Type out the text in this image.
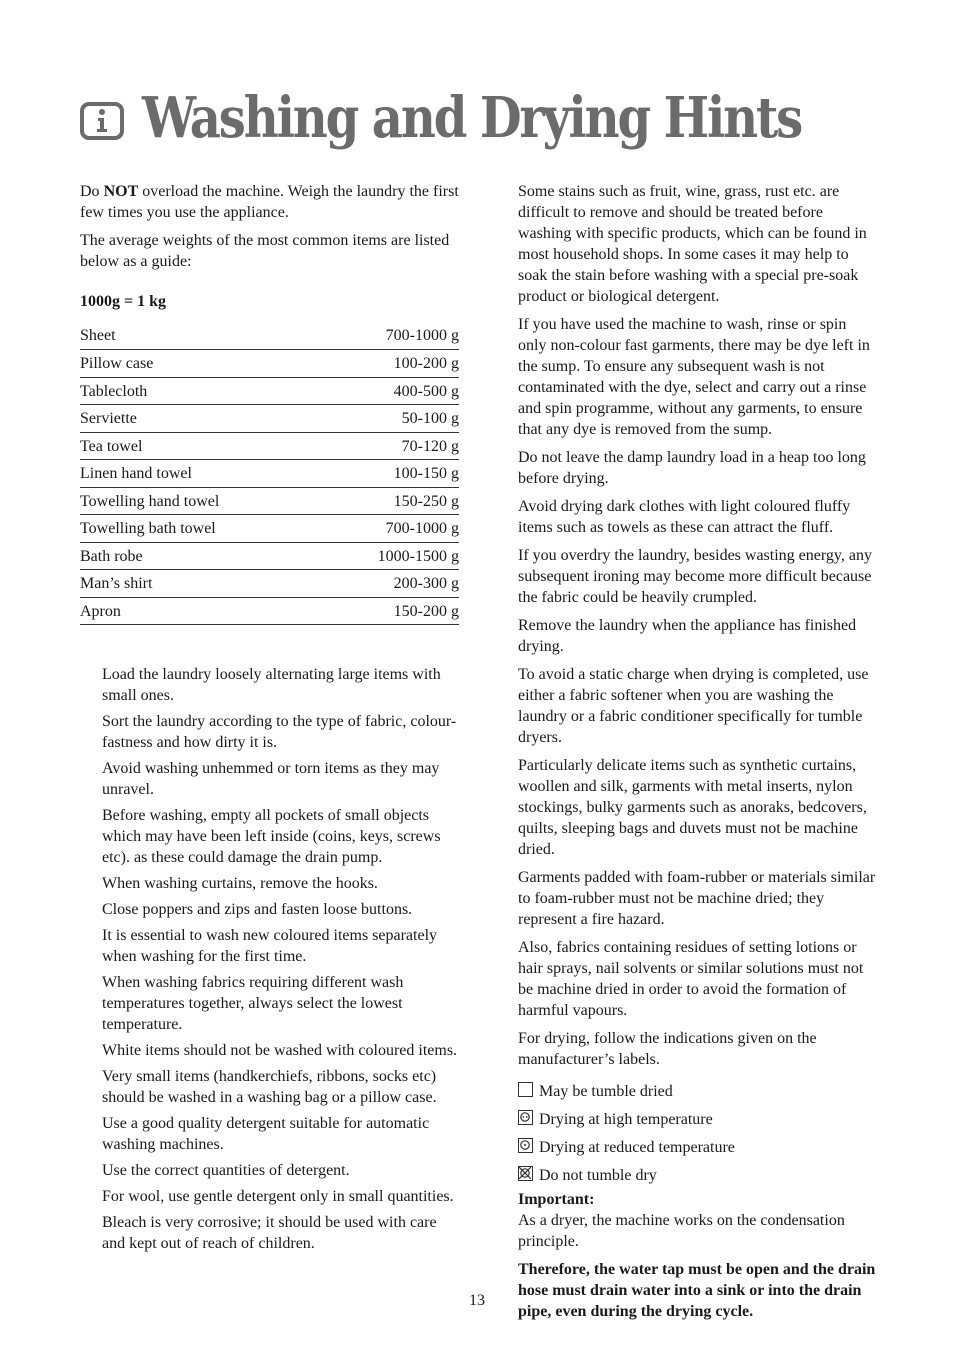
Washing and Drying Hints

Do NOT overload the machine. Weigh the laundry the first few times you use the appliance.

The average weights of the most common items are listed below as a guide:

1000g = 1 kg
Sheet	700-1000 g
Pillow case	100-200 g
Tablecloth	400-500 g
Serviette	50-100 g
Tea towel	70-120 g
Linen hand towel	100-150 g
Towelling hand towel	150-250 g
Towelling bath towel	700-1000 g
Bath robe	1000-1500 g
Man’s shirt	200-300 g
Apron	150-200 g

Load the laundry loosely alternating large items with small ones.

Sort the laundry according to the type of fabric, colour-fastness and how dirty it is.

Avoid washing unhemmed or torn items as they may unravel.

Before washing, empty all pockets of small objects which may have been left inside (coins, keys, screws etc). as these could damage the drain pump.

When washing curtains, remove the hooks.

Close poppers and zips and fasten loose buttons.

It is essential to wash new coloured items separately when washing for the first time.

When washing fabrics requiring different wash temperatures together, always select the lowest temperature.

White items should not be washed with coloured items.

Very small items (handkerchiefs, ribbons, socks etc) should be washed in a washing bag or a pillow case.

Use a good quality detergent suitable for automatic washing machines.

Use the correct quantities of detergent.

For wool, use gentle detergent only in small quantities.

Bleach is very corrosive; it should be used with care and kept out of reach of children.

Some stains such as fruit, wine, grass, rust etc. are difficult to remove and should be treated before washing with specific products, which can be found in most household shops. In some cases it may help to soak the stain before washing with a special pre-soak product or biological detergent.

If you have used the machine to wash, rinse or spin only non-colour fast garments, there may be dye left in the sump. To ensure any subsequent wash is not contaminated with the dye, select and carry out a rinse and spin programme, without any garments, to ensure that any dye is removed from the sump.

Do not leave the damp laundry load in a heap too long before drying.

Avoid drying dark clothes with light coloured fluffy items such as towels as these can attract the fluff.

If you overdry the laundry, besides wasting energy, any subsequent ironing may become more difficult because the fabric could be heavily crumpled.

Remove the laundry when the appliance has finished drying.

To avoid a static charge when drying is completed, use either a fabric softener when you are washing the laundry or a fabric conditioner specifically for tumble dryers.

Particularly delicate items such as synthetic curtains, woollen and silk, garments with metal inserts, nylon stockings, bulky garments such as anoraks, bedcovers, quilts, sleeping bags and duvets must not be machine dried.

Garments padded with foam-rubber or materials similar to foam-rubber must not be machine dried; they represent a fire hazard.

Also, fabrics containing residues of setting lotions or hair sprays, nail solvents or similar solutions must not be machine dried in order to avoid the formation of harmful vapours.

For drying, follow the indications given on the manufacturer’s labels.

May be tumble dried
Drying at high temperature
Drying at reduced temperature
Do not tumble dry
Important:

As a dryer, the machine works on the condensation principle.

Therefore, the water tap must be open and the drain hose must drain water into a sink or into the drain pipe, even during the drying cycle.

13
